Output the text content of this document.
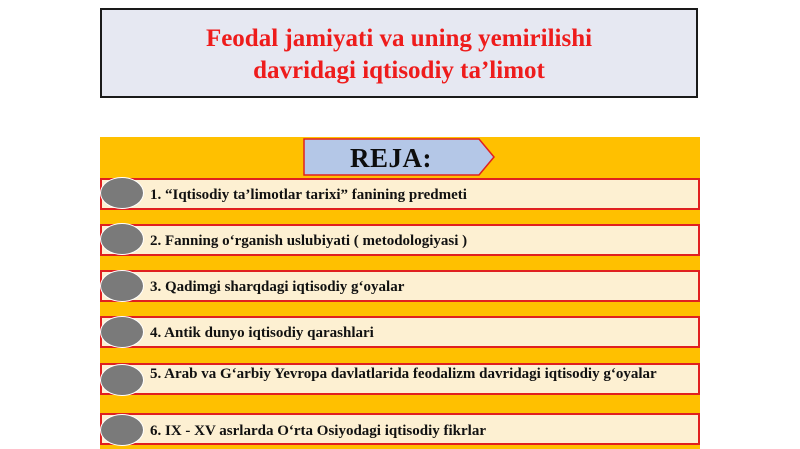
Feodal jamiyati va uning yemirilishi
davridagi iqtisodiy ta’limot

REJA:
1. “Iqtisodiy ta’limotlar tarixi” fanining predmeti
2. Fanning o‘rganish uslubiyati ( metodologiyasi )
3. Qadimgi sharqdagi iqtisodiy g‘oyalar
4. Antik dunyo iqtisodiy qarashlari
5. Arab va G‘arbiy Yevropa davlatlarida feodalizm davridagi iqtisodiy g‘oyalar
6. IX - XV asrlarda O‘rta Osiyodagi iqtisodiy fikrlar
